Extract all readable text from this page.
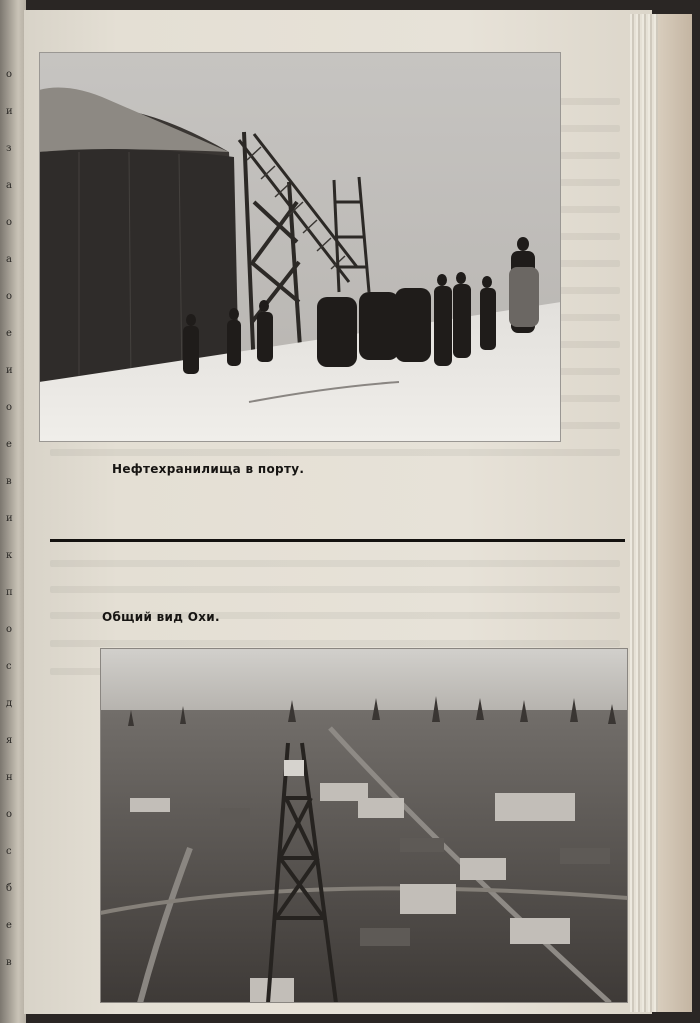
Нефтехранилища в порту.
Общий вид Охи.
о
и
з
а
о
а
о
е
и
о
е
в
и
к
п
о
с
д
я
н
о
с
б
е
в
